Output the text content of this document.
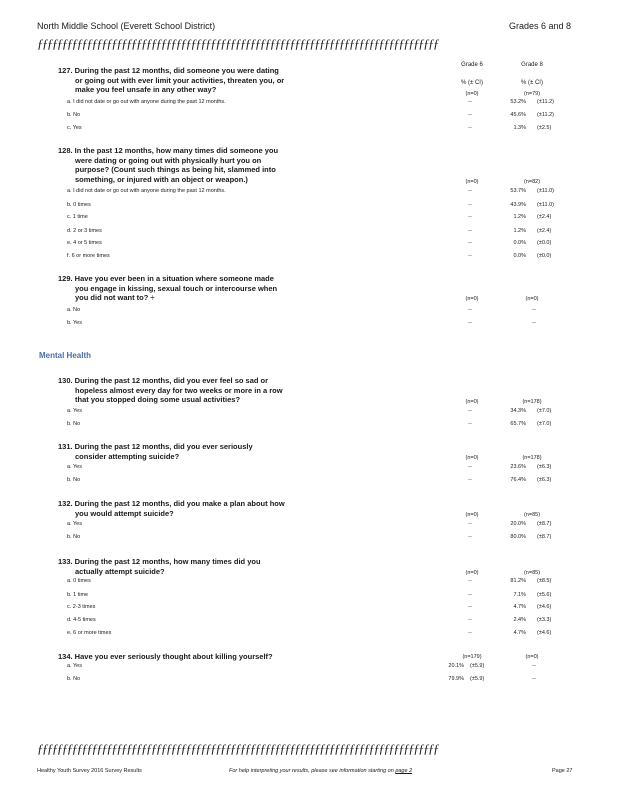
North Middle School (Everett School District)	Grades 6 and 8
ƒƒƒƒƒƒƒƒƒƒƒƒƒƒƒƒƒƒƒƒƒƒƒƒƒƒƒƒƒƒƒƒƒƒƒƒƒƒƒƒƒƒƒƒƒƒƒƒƒƒƒƒƒƒƒƒƒƒƒƒƒƒƒƒƒƒƒƒƒƒƒƒƒƒƒƒƒƒƒƒƒ
Grade 6	Grade 8
% (± CI)	% (± CI)
127. During the past 12 months, did someone you were dating
or going out with ever limit your activities, threaten you, or
make you feel unsafe in any other way?	(n=0)	(n=79)
a. I did not date or go out with anyone during the past 12 months.	--	53.2% (±11.2)
b. No	--	45.6% (±11.2)
c. Yes	--	1.3% (±2.5)
128. In the past 12 months, how many times did someone you
were dating or going out with physically hurt you on
purpose? (Count such things as being hit, slammed into
something, or injured with an object or weapon.)	(n=0)	(n=82)
a. I did not date or go out with anyone during the past 12 months.	--	53.7% (±11.0)
b. 0 times	--	43.9% (±11.0)
c. 1 time	--	1.2% (±2.4)
d. 2 or 3 times	--	1.2% (±2.4)
e. 4 or 5 times	--	0.0% (±0.0)
f. 6 or more times	--	0.0% (±0.0)
129. Have you ever been in a situation where someone made
you engage in kissing, sexual touch or intercourse when
you did not want to? ÷	(n=0)	(n=0)
a. No	--	--
b. Yes	--	--
130. During the past 12 months, did you ever feel so sad or
hopeless almost every day for two weeks or more in a row
that you stopped doing some usual activities?	(n=0)	(n=178)
a. Yes	--	34.3% (±7.0)
b. No	--	65.7% (±7.0)
131. During the past 12 months, did you ever seriously
consider attempting suicide?	(n=0)	(n=178)
a. Yes	--	23.6% (±6.3)
b. No	--	76.4% (±6.3)
132. During the past 12 months, did you make a plan about how
you would attempt suicide?	(n=0)	(n=85)
a. Yes	--	20.0% (±8.7)
b. No	--	80.0% (±8.7)
133. During the past 12 months, how many times did you
actually attempt suicide?	(n=0)	(n=85)
a. 0 times	--	81.2% (±8.5)
b. 1 time	--	7.1% (±5.6)
c. 2-3 times	--	4.7% (±4.6)
d. 4-5 times	--	2.4% (±3.3)
e. 6 or more times	--	4.7% (±4.6)
134. Have you ever seriously thought about killing yourself?	(n=179)	(n=0)
a. Yes	20.1% (±5.9)	--
b. No	79.9% (±5.9)	--
Mental Health
ƒƒƒƒƒƒƒƒƒƒƒƒƒƒƒƒƒƒƒƒƒƒƒƒƒƒƒƒƒƒƒƒƒƒƒƒƒƒƒƒƒƒƒƒƒƒƒƒƒƒƒƒƒƒƒƒƒƒƒƒƒƒƒƒƒƒƒƒƒƒƒƒƒƒƒƒƒƒƒƒƒ
Healthy Youth Survey 2016 Survey Results	For help interpreting your results, please see information starting on page 2	Page 27
